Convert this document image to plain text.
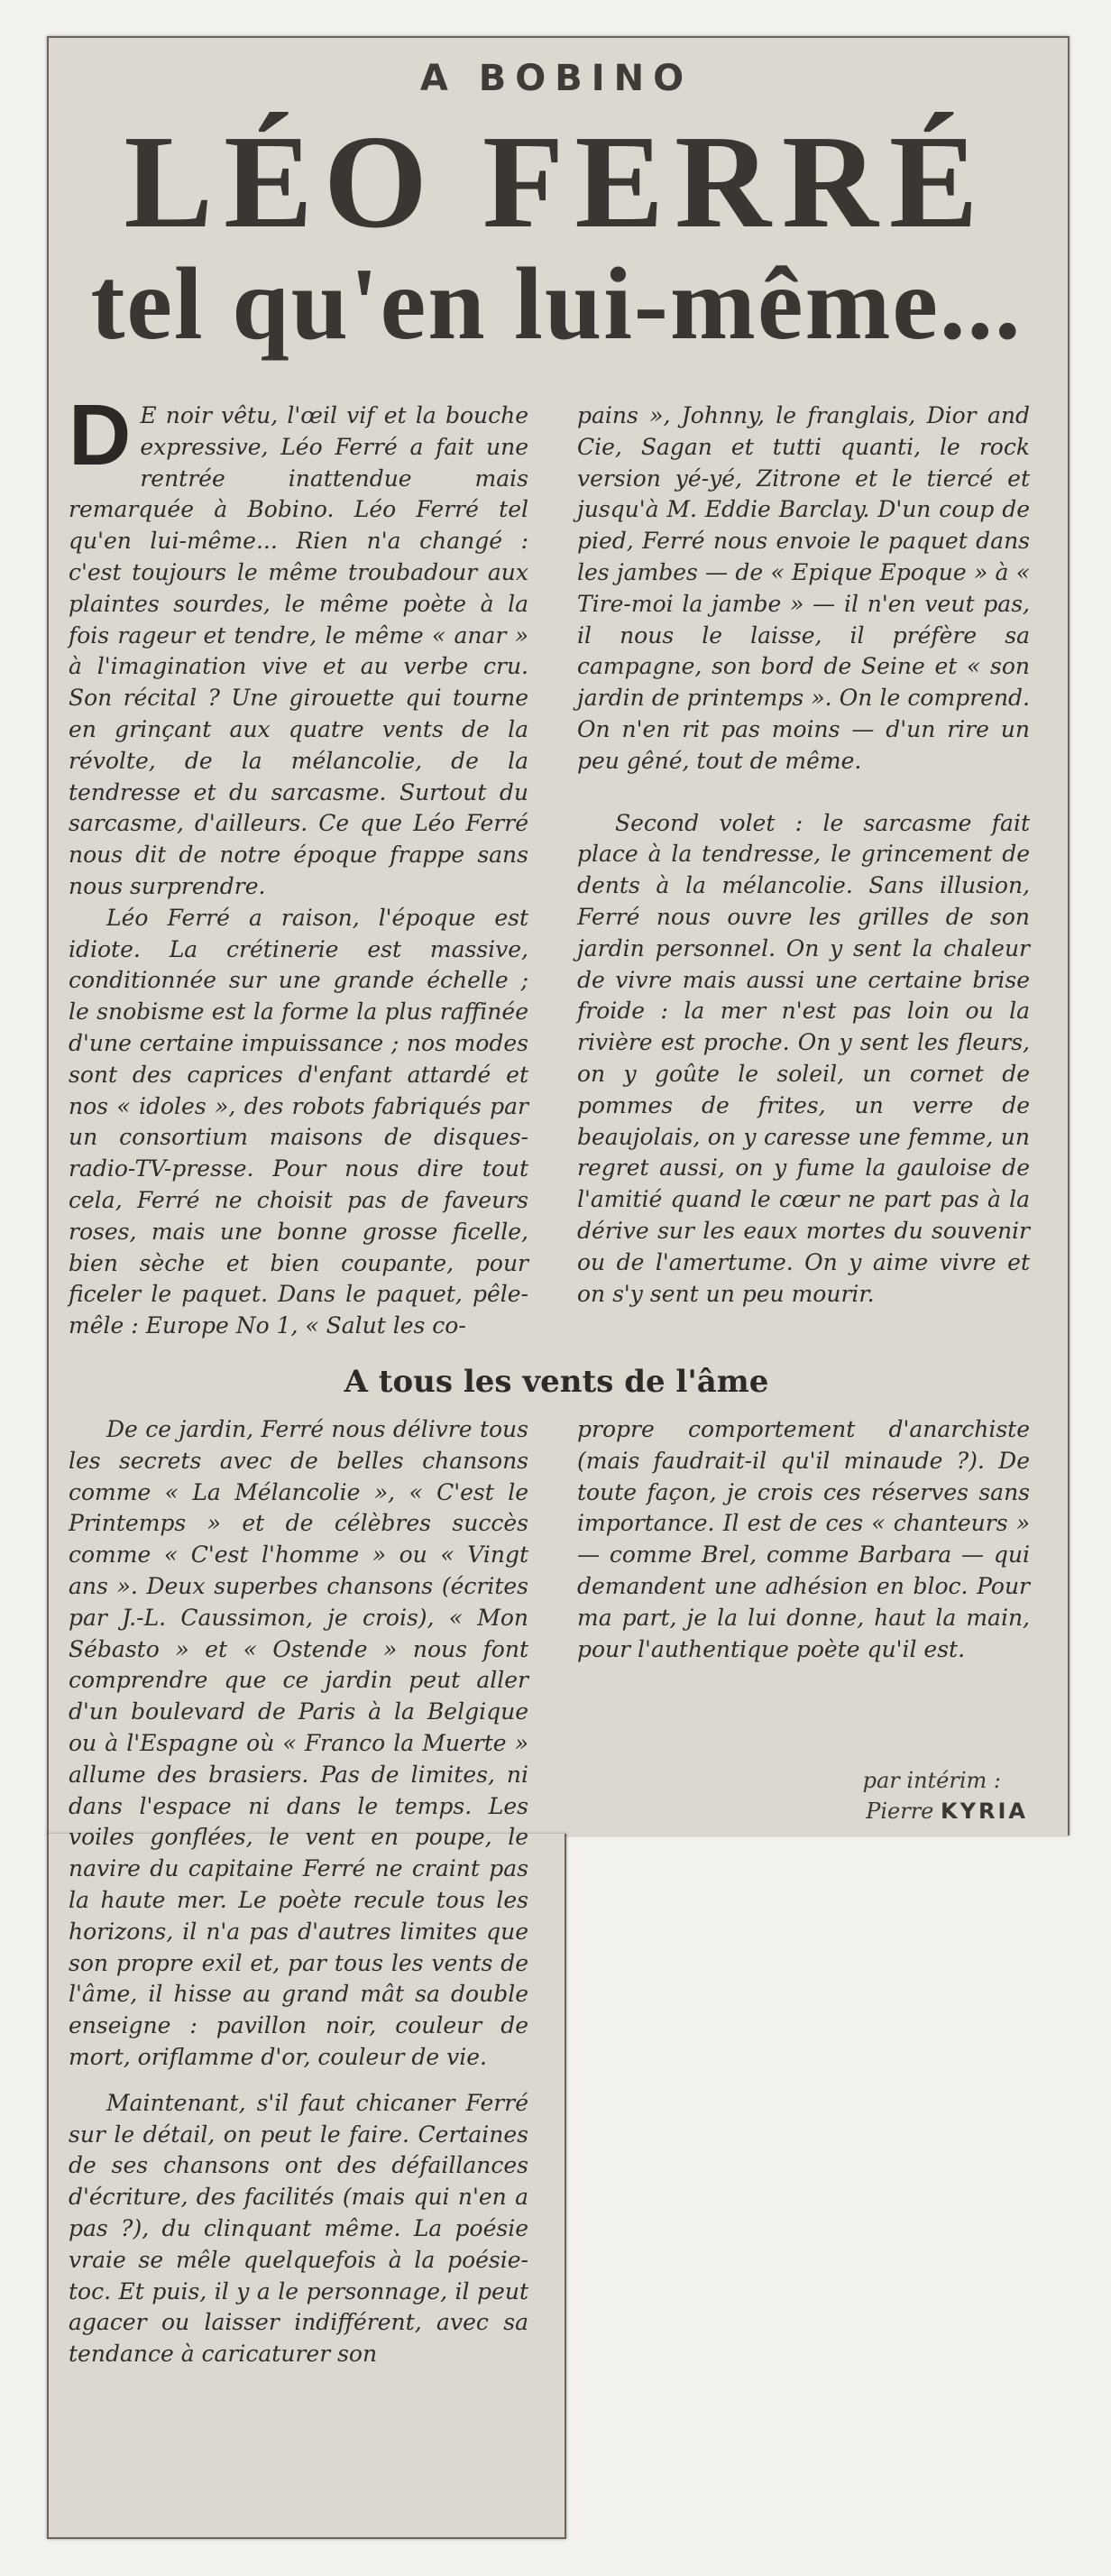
A BOBINO
LÉO FERRÉ
tel qu'en lui-même...

D E noir vêtu, l'œil vif et la bouche expressive, Léo Ferré a fait une rentrée inattendue mais remarquée à Bobino. Léo Ferré tel qu'en lui-même... Rien n'a changé : c'est toujours le même troubadour aux plaintes sourdes, le même poète à la fois rageur et tendre, le même « anar » à l'imagination vive et au verbe cru. Son récital ? Une girouette qui tourne en grinçant aux quatre vents de la révolte, de la mélancolie, de la tendresse et du sarcasme. Surtout du sarcasme, d'ailleurs. Ce que Léo Ferré nous dit de notre époque frappe sans nous surprendre.

Léo Ferré a raison, l'époque est idiote. La crétinerie est massive, conditionnée sur une grande échelle ; le snobisme est la forme la plus raffinée d'une certaine impuissance ; nos modes sont des caprices d'enfant attardé et nos « idoles », des robots fabriqués par un consortium maisons de disques-radio-TV-presse. Pour nous dire tout cela, Ferré ne choisit pas de faveurs roses, mais une bonne grosse ficelle, bien sèche et bien coupante, pour ficeler le paquet. Dans le paquet, pêle-mêle : Europe No 1, « Salut les co-

pains », Johnny, le franglais, Dior and Cie, Sagan et tutti quanti, le rock version yé-yé, Zitrone et le tiercé et jusqu'à M. Eddie Barclay. D'un coup de pied, Ferré nous envoie le paquet dans les jambes — de « Epique Epoque » à « Tire-moi la jambe » — il n'en veut pas, il nous le laisse, il préfère sa campagne, son bord de Seine et « son jardin de printemps ». On le comprend. On n'en rit pas moins — d'un rire un peu gêné, tout de même.

Second volet : le sarcasme fait place à la tendresse, le grincement de dents à la mélancolie. Sans illusion, Ferré nous ouvre les grilles de son jardin personnel. On y sent la chaleur de vivre mais aussi une certaine brise froide : la mer n'est pas loin ou la rivière est proche. On y sent les fleurs, on y goûte le soleil, un cornet de pommes de frites, un verre de beaujolais, on y caresse une femme, un regret aussi, on y fume la gauloise de l'amitié quand le cœur ne part pas à la dérive sur les eaux mortes du souvenir ou de l'amertume. On y aime vivre et on s'y sent un peu mourir.

A tous les vents de l'âme

De ce jardin, Ferré nous délivre tous les secrets avec de belles chansons comme « La Mélancolie », « C'est le Printemps » et de célèbres succès comme « C'est l'homme » ou « Vingt ans ». Deux superbes chansons (écrites par J.-L. Caussimon, je crois), « Mon Sébasto » et « Ostende » nous font comprendre que ce jardin peut aller d'un boulevard de Paris à la Belgique ou à l'Espagne où « Franco la Muerte » allume des brasiers. Pas de limites, ni dans l'espace ni dans le temps. Les voiles gonflées, le vent en poupe, le navire du capitaine Ferré ne craint pas la haute mer. Le poète recule tous les horizons, il n'a pas d'autres limites que son propre exil et, par tous les vents de l'âme, il hisse au grand mât sa double enseigne : pavillon noir, couleur de mort, oriflamme d'or, couleur de vie.

Maintenant, s'il faut chicaner Ferré sur le détail, on peut le faire. Certaines de ses chansons ont des défaillances d'écriture, des facilités (mais qui n'en a pas ?), du clinquant même. La poésie vraie se mêle quelquefois à la poésie-toc. Et puis, il y a le personnage, il peut agacer ou laisser indifférent, avec sa tendance à caricaturer son

propre comportement d'anarchiste (mais faudrait-il qu'il minaude ?). De toute façon, je crois ces réserves sans importance. Il est de ces « chanteurs » — comme Brel, comme Barbara — qui demandent une adhésion en bloc. Pour ma part, je la lui donne, haut la main, pour l'authentique poète qu'il est.

par intérim :
Pierre KYRIA
